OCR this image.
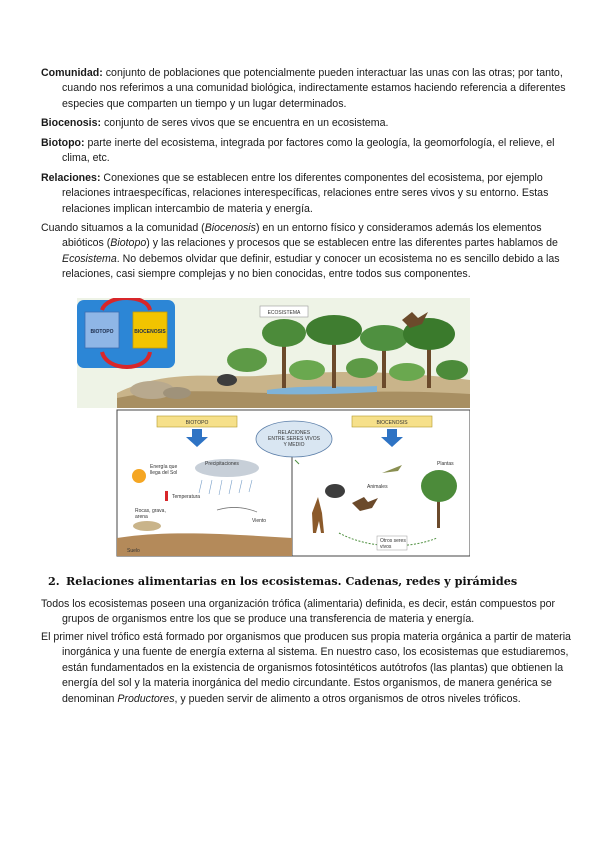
Comunidad: conjunto de poblaciones que potencialmente pueden interactuar las unas con las otras; por tanto, cuando nos referimos a una comunidad biológica, indirectamente estamos haciendo referencia a diferentes especies que comparten un tiempo y un lugar determinados.
Biocenosis: conjunto de seres vivos que se encuentra en un ecosistema.
Biotopo: parte inerte del ecosistema, integrada por factores como la geología, la geomorfología, el relieve, el clima, etc.
Relaciones: Conexiones que se establecen entre los diferentes componentes del ecosistema, por ejemplo relaciones intraespecíficas, relaciones interespecíficas, relaciones entre seres vivos y su entorno. Estas relaciones implican intercambio de materia y energía.
Cuando situamos a la comunidad (Biocenosis) en un entorno físico y consideramos además los elementos abióticos (Biotopo) y las relaciones y procesos que se establecen entre las diferentes partes hablamos de Ecosistema. No debemos olvidar que definir, estudiar y conocer un ecosistema no es sencillo debido a las relaciones, casi siempre complejas y no bien conocidas, entre todos sus componentes.
ECOSISTEMA
BIOTOPO	BIOCENOSIS
BIOTOPO	BIOCENOSIS
RELACIONES
ENTRE SERES VIVOS
Y MEDIO
Energía que
llega del Sol
Precipitaciones
Temperatura
Rocas, grava,
arena
Viento
Suelo
Plantas
Animales
Otros seres
vivos
2. Relaciones alimentarias en los ecosistemas. Cadenas, redes y pirámides
Todos los ecosistemas poseen una organización trófica (alimentaria) definida, es decir, están compuestos por grupos de organismos entre los que se produce una transferencia de materia y energía.
El primer nivel trófico está formado por organismos que producen sus propia materia orgánica a partir de materia inorgánica y una fuente de energía externa al sistema. En nuestro caso, los ecosistemas que estudiaremos, están fundamentados en la existencia de organismos fotosintéticos autótrofos (las plantas) que obtienen la energía del sol y la materia inorgánica del medio circundante. Estos organismos, de manera genérica se denominan Productores, y pueden servir de alimento a otros organismos de otros niveles tróficos.
